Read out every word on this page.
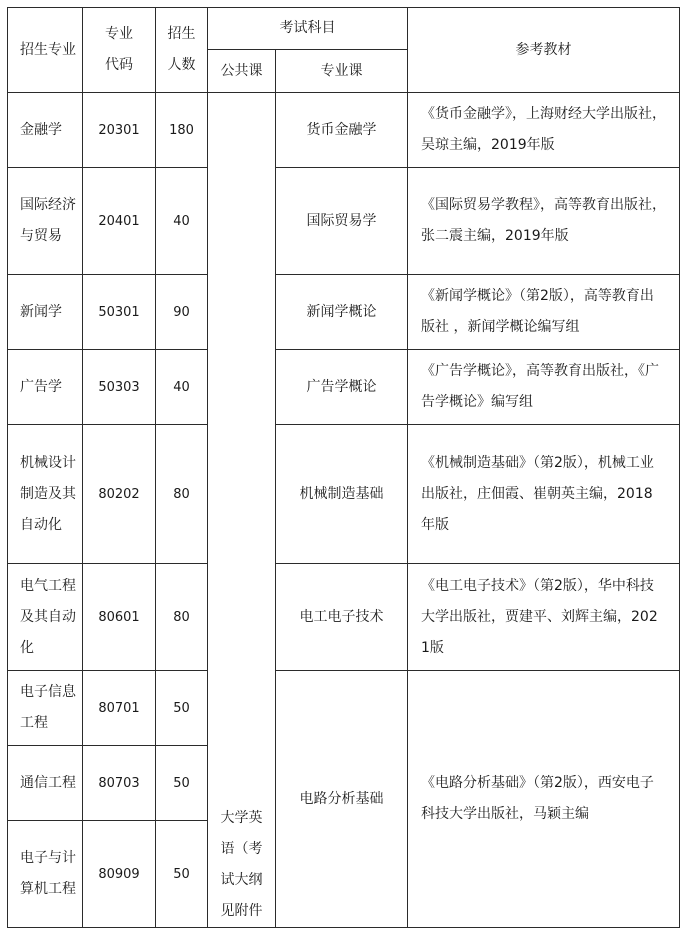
招生专业	专业代码	招生人数	考试科目		参考教材
			公共课	专业课	

金融学	20301	180	大学英语（考试大纲见附件	货币金融学	《货币金融学》，上海财经大学出版社，吴琼主编，2019年版

国际经济与贸易	20401	40		国际贸易学	《国际贸易学教程》，高等教育出版社，张二震主编，2019年版

新闻学	50301	90		新闻学概论	《新闻学概论》（第2版），高等教育出版社 ，新闻学概论编写组

广告学	50303	40		广告学概论	《广告学概论》，高等教育出版社，《广告学概论》编写组

机械设计制造及其自动化	80202	80		机械制造基础	《机械制造基础》（第2版），机械工业出版社，庄佃霞、崔朝英主编，2018年版

电气工程及其自动化	80601	80		电工电子技术	《电工电子技术》（第2版），华中科技大学出版社，贾建平、刘辉主编，2021版

电子信息工程	80701	50		电路分析基础	《电路分析基础》（第2版），西安电子科技大学出版社，马颖主编

通信工程	80703	50			

电子与计算机工程	80909	50			
